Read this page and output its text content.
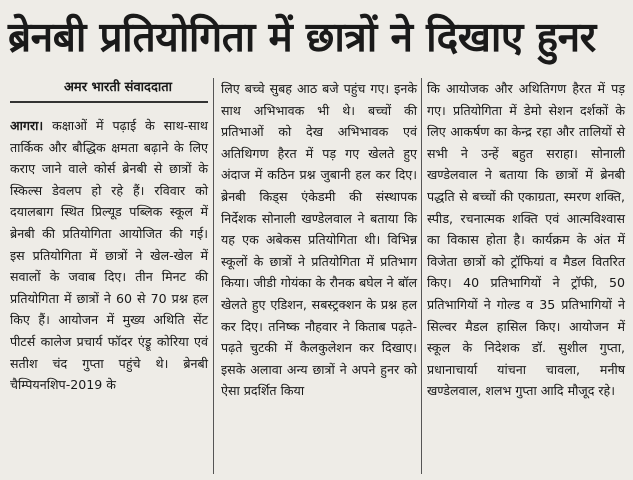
ब्रेनबी प्रतियोगिता में छात्रों ने दिखाए हुनर
अमर भारती संवाददाता

आगरा। कक्षाओं में पढ़ाई के साथ-साथ तार्किक और बौद्धिक क्षमता बढ़ाने के लिए कराए जाने वाले कोर्स ब्रेनबी से छात्रों के स्किल्स डेवलप हो रहे हैं। रविवार को दयालबाग स्थित प्रिल्यूड पब्लिक स्कूल में ब्रेनबी की प्रतियोगिता आयोजित की गई। इस प्रतियोगिता में छात्रों ने खेल-खेल में सवालों के जवाब दिए। तीन मिनट की प्रतियोगिता में छात्रों ने 60 से 70 प्रश्न हल किए हैं। आयोजन में मुख्य अथिति सेंट पीटर्स कालेज प्रचार्य फॉदर एंड्रू कोरिया एवं सतीश चंद गुप्ता पहुंचे थे। ब्रेनबी चैम्पियनशिप-2019 के

लिए बच्चे सुबह आठ बजे पहुंच गए। इनके साथ अभिभावक भी थे। बच्चों की प्रतिभाओं को देख अभिभावक एवं अतिथिगण हैरत में पड़ गए खेलते हुए अंदाज में कठिन प्रश्न जुबानी हल कर दिए। ब्रेनबी किड्स एंकेडमी की संस्थापक निर्देशक सोनाली खण्डेलवाल ने बताया कि यह एक अबेकस प्रतियोगिता थी। विभिन्न स्कूलों के छात्रों ने प्रतियोगिता में प्रतिभाग किया। जीडी गोयंका के रौनक बघेल ने बॉल खेलते हुए एडिशन, सबस्ट्रक्शन के प्रश्न हल कर दिए। तनिष्क नौहवार ने किताब पढ़ते-पढ़ते चुटकी में कैलकुलेशन कर दिखाए। इसके अलावा अन्य छात्रों ने अपने हुनर को ऐसा प्रदर्शित किया

कि आयोजक और अथितिगण हैरत में पड़ गए। प्रतियोगिता में डेमो सेशन दर्शकों के लिए आकर्षण का केन्द्र रहा और तालियों से सभी ने उन्हें बहुत सराहा। सोनाली खण्डेलवाल ने बताया कि छात्रों में ब्रेनबी पद्धति से बच्चों की एकाग्रता, स्मरण शक्ति, स्पीड, रचनात्मक शक्ति एवं आत्मविश्वास का विकास होता है। कार्यक्रम के अंत में विजेता छात्रों को ट्रॉफियां व मैडल वितरित किए। 40 प्रतिभागियों ने ट्रॉफी, 50 प्रतिभागियों ने गोल्ड व 35 प्रतिभागियों ने सिल्वर मैडल हासिल किए। आयोजन में स्कूल के निदेशक डॉ. सुशील गुप्ता, प्रधानाचार्या यांचना चावला, मनीष खण्डेलवाल, शलभ गुप्ता आदि मौजूद रहे।
